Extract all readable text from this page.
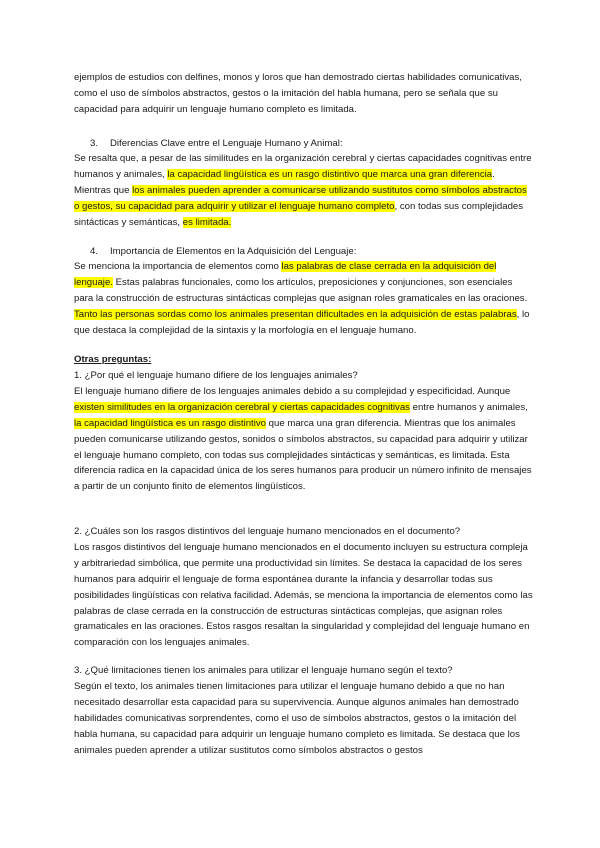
ejemplos de estudios con delfines, monos y loros que han demostrado ciertas habilidades comunicativas, como el uso de símbolos abstractos, gestos o la imitación del habla humana, pero se señala que su capacidad para adquirir un lenguaje humano completo es limitada.

3. Diferencias Clave entre el Lenguaje Humano y Animal:

Se resalta que, a pesar de las similitudes en la organización cerebral y ciertas capacidades cognitivas entre humanos y animales, la capacidad lingüística es un rasgo distintivo que marca una gran diferencia. Mientras que los animales pueden aprender a comunicarse utilizando sustitutos como símbolos abstractos o gestos, su capacidad para adquirir y utilizar el lenguaje humano completo, con todas sus complejidades sintácticas y semánticas, es limitada.

4. Importancia de Elementos en la Adquisición del Lenguaje:

Se menciona la importancia de elementos como las palabras de clase cerrada en la adquisición del lenguaje. Estas palabras funcionales, como los artículos, preposiciones y conjunciones, son esenciales para la construcción de estructuras sintácticas complejas que asignan roles gramaticales en las oraciones. Tanto las personas sordas como los animales presentan dificultades en la adquisición de estas palabras, lo que destaca la complejidad de la sintaxis y la morfología en el lenguaje humano.

Otras preguntas:

1. ¿Por qué el lenguaje humano difiere de los lenguajes animales?
El lenguaje humano difiere de los lenguajes animales debido a su complejidad y especificidad. Aunque existen similitudes en la organización cerebral y ciertas capacidades cognitivas entre humanos y animales, la capacidad lingüística es un rasgo distintivo que marca una gran diferencia. Mientras que los animales pueden comunicarse utilizando gestos, sonidos o símbolos abstractos, su capacidad para adquirir y utilizar el lenguaje humano completo, con todas sus complejidades sintácticas y semánticas, es limitada. Esta diferencia radica en la capacidad única de los seres humanos para producir un número infinito de mensajes a partir de un conjunto finito de elementos lingüísticos.

2. ¿Cuáles son los rasgos distintivos del lenguaje humano mencionados en el documento?
Los rasgos distintivos del lenguaje humano mencionados en el documento incluyen su estructura compleja y arbitrariedad simbólica, que permite una productividad sin límites. Se destaca la capacidad de los seres humanos para adquirir el lenguaje de forma espontánea durante la infancia y desarrollar todas sus posibilidades lingüísticas con relativa facilidad. Además, se menciona la importancia de elementos como las palabras de clase cerrada en la construcción de estructuras sintácticas complejas, que asignan roles gramaticales en las oraciones. Estos rasgos resaltan la singularidad y complejidad del lenguaje humano en comparación con los lenguajes animales.

3. ¿Qué limitaciones tienen los animales para utilizar el lenguaje humano según el texto?
Según el texto, los animales tienen limitaciones para utilizar el lenguaje humano debido a que no han necesitado desarrollar esta capacidad para su supervivencia. Aunque algunos animales han demostrado habilidades comunicativas sorprendentes, como el uso de símbolos abstractos, gestos o la imitación del habla humana, su capacidad para adquirir un lenguaje humano completo es limitada. Se destaca que los animales pueden aprender a utilizar sustitutos como símbolos abstractos o gestos
